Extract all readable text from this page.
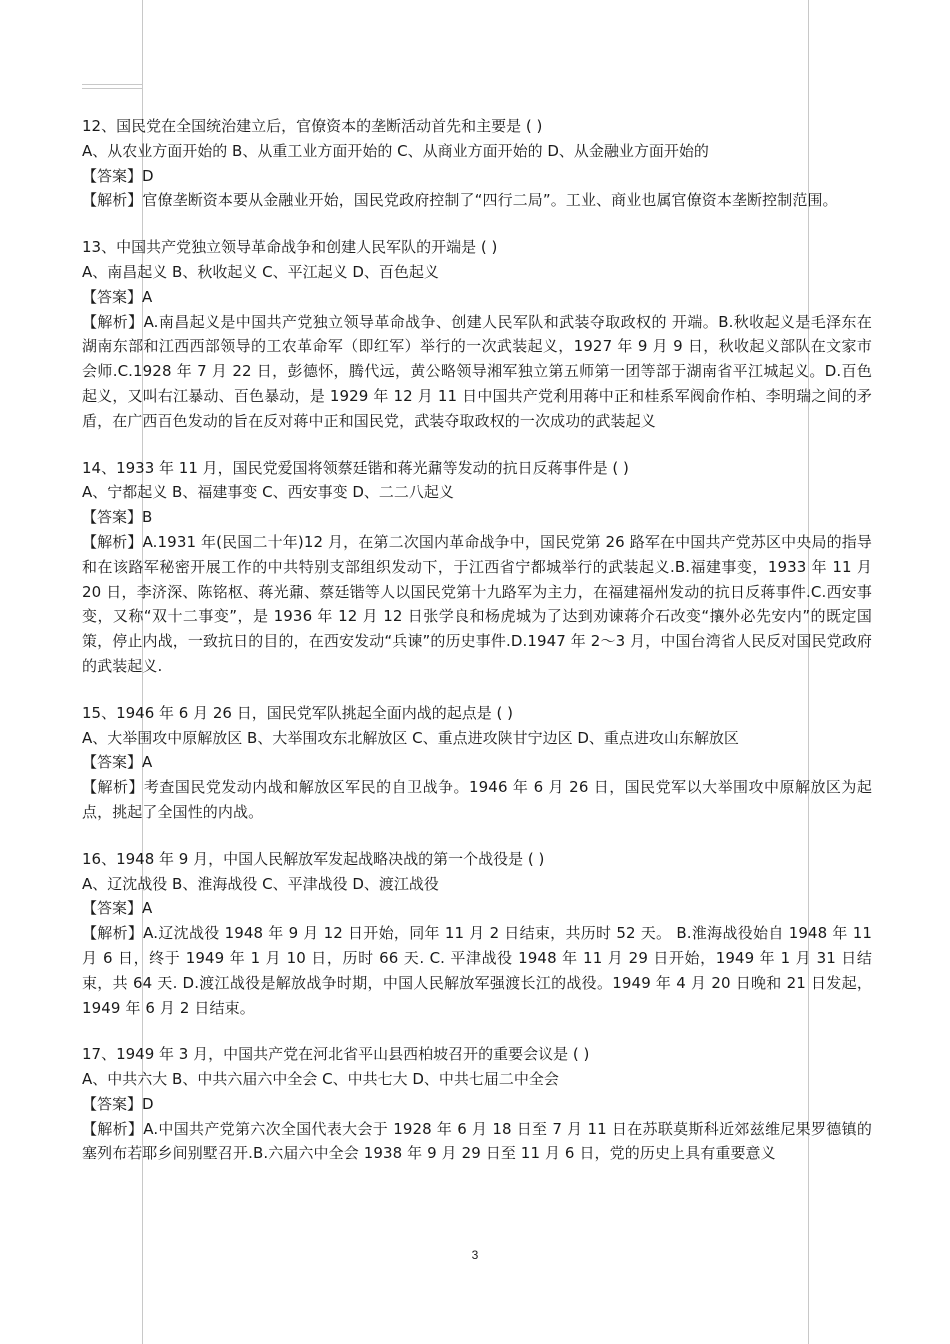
12、国民党在全国统治建立后，官僚资本的垄断活动首先和主要是 ( )
A、从农业方面开始的 B、从重工业方面开始的 C、从商业方面开始的 D、从金融业方面开始的
【答案】D
【解析】官僚垄断资本要从金融业开始，国民党政府控制了“四行二局”。工业、商业也属官僚资本垄断控制范围。
13、中国共产党独立领导革命战争和创建人民军队的开端是 ( )
A、南昌起义 B、秋收起义 C、平江起义 D、百色起义
【答案】A
【解析】A.南昌起义是中国共产党独立领导革命战争、创建人民军队和武装夺取政权的 开端。B.秋收起义是毛泽东在湖南东部和江西西部领导的工农革命军（即红军）举行的一次武装起义，1927 年 9 月 9 日，秋收起义部队在文家市会师.C.1928 年 7 月 22 日，彭德怀，腾代远，黄公略领导湘军独立第五师第一团等部于湖南省平江城起义。D.百色起义，又叫右江暴动、百色暴动，是 1929 年 12 月 11 日中国共产党利用蒋中正和桂系军阀俞作柏、李明瑞之间的矛盾，在广西百色发动的旨在反对蒋中正和国民党，武装夺取政权的一次成功的武装起义
14、1933 年 11 月，国民党爱国将领蔡廷锴和蒋光鼐等发动的抗日反蒋事件是 ( )
A、宁都起义 B、福建事变 C、西安事变 D、二二八起义
【答案】B
【解析】A.1931 年(民国二十年)12 月，在第二次国内革命战争中，国民党第 26 路军在中国共产党苏区中央局的指导和在该路军秘密开展工作的中共特别支部组织发动下，于江西省宁都城举行的武装起义.B.福建事变，1933 年 11 月 20 日，李济深、陈铭枢、蒋光鼐、蔡廷锴等人以国民党第十九路军为主力，在福建福州发动的抗日反蒋事件.C.西安事变，又称“双十二事变”，是 1936 年 12 月 12 日张学良和杨虎城为了达到劝谏蒋介石改变“攘外必先安内”的既定国策，停止内战，一致抗日的目的，在西安发动“兵谏”的历史事件.D.1947 年 2～3 月，中国台湾省人民反对国民党政府的武装起义.
15、1946 年 6 月 26 日，国民党军队挑起全面内战的起点是 ( )
A、大举围攻中原解放区 B、大举围攻东北解放区 C、重点进攻陕甘宁边区 D、重点进攻山东解放区
【答案】A
【解析】考查国民党发动内战和解放区军民的自卫战争。1946 年 6 月 26 日，国民党军以大举围攻中原解放区为起点，挑起了全国性的内战。
16、1948 年 9 月，中国人民解放军发起战略决战的第一个战役是 ( )
A、辽沈战役 B、淮海战役 C、平津战役 D、渡江战役
【答案】A
【解析】A.辽沈战役 1948 年 9 月 12 日开始，同年 11 月 2 日结束，共历时 52 天。 B.淮海战役始自 1948 年 11 月 6 日，终于 1949 年 1 月 10 日，历时 66 天. C. 平津战役 1948 年 11 月 29 日开始，1949 年 1 月 31 日结束，共 64 天. D.渡江战役是解放战争时期，中国人民解放军强渡长江的战役。1949 年 4 月 20 日晚和 21 日发起，1949 年 6 月 2 日结束。
17、1949 年 3 月，中国共产党在河北省平山县西柏坡召开的重要会议是 ( )
A、中共六大 B、中共六届六中全会 C、中共七大 D、中共七届二中全会
【答案】D
【解析】A.中国共产党第六次全国代表大会于 1928 年 6 月 18 日至 7 月 11 日在苏联莫斯科近郊兹维尼果罗德镇的塞列布若耶乡间别墅召开.B.六届六中全会 1938 年 9 月 29 日至 11 月 6 日，党的历史上具有重要意义
3
